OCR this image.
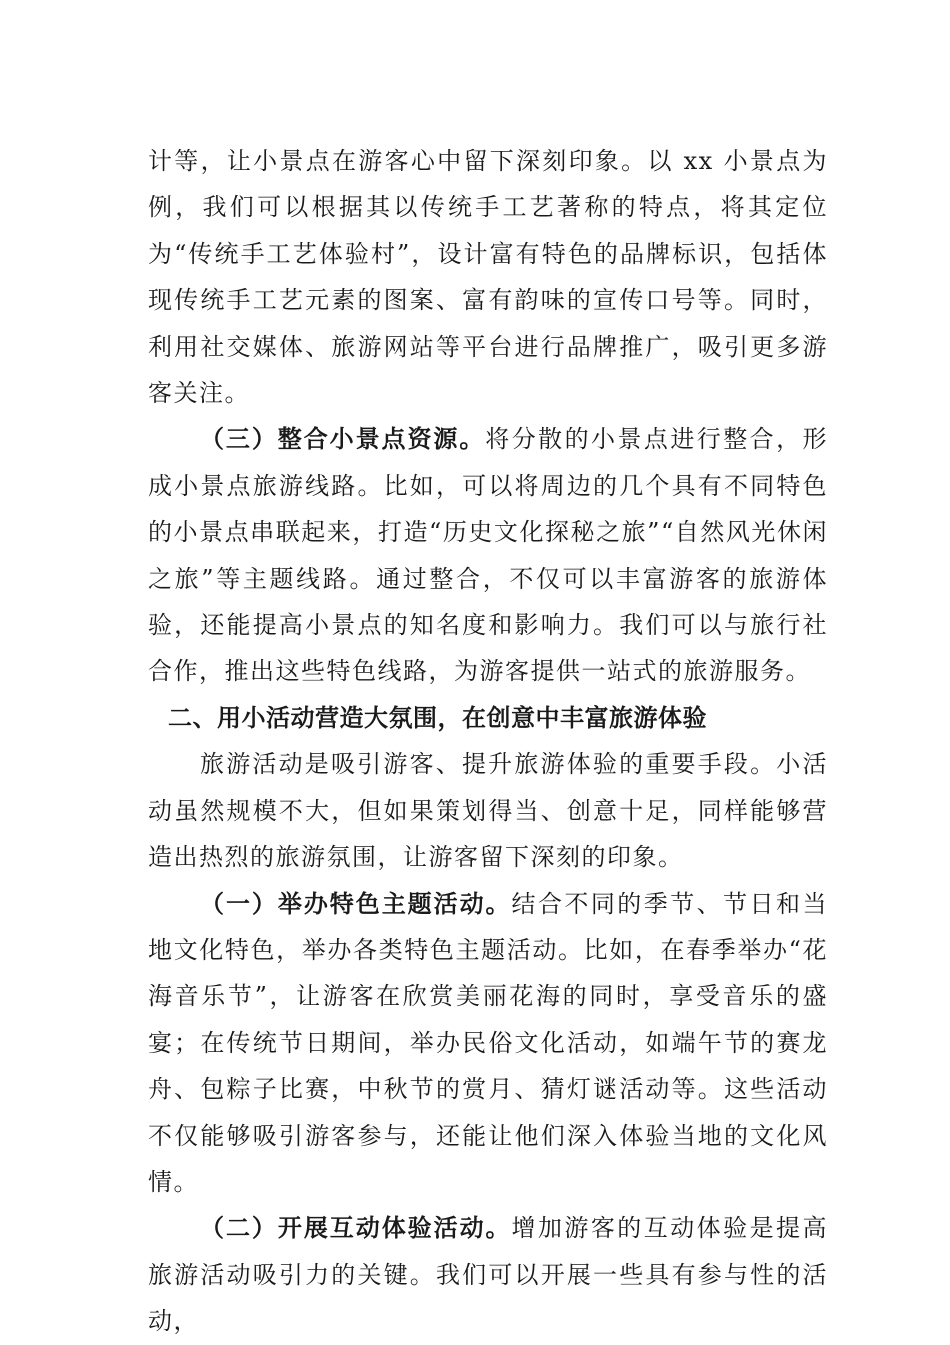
计等，让小景点在游客心中留下深刻印象。以 xx 小景点为例，我们可以根据其以传统手工艺著称的特点，将其定位为“传统手工艺体验村”，设计富有特色的品牌标识，包括体现传统手工艺元素的图案、富有韵味的宣传口号等。同时，利用社交媒体、旅游网站等平台进行品牌推广，吸引更多游客关注。

（三）整合小景点资源。将分散的小景点进行整合，形成小景点旅游线路。比如，可以将周边的几个具有不同特色的小景点串联起来，打造“历史文化探秘之旅”“自然风光休闲之旅”等主题线路。通过整合，不仅可以丰富游客的旅游体验，还能提高小景点的知名度和影响力。我们可以与旅行社合作，推出这些特色线路，为游客提供一站式的旅游服务。

二、用小活动营造大氛围，在创意中丰富旅游体验

旅游活动是吸引游客、提升旅游体验的重要手段。小活动虽然规模不大，但如果策划得当、创意十足，同样能够营造出热烈的旅游氛围，让游客留下深刻的印象。

（一）举办特色主题活动。结合不同的季节、节日和当地文化特色，举办各类特色主题活动。比如，在春季举办“花海音乐节”，让游客在欣赏美丽花海的同时，享受音乐的盛宴；在传统节日期间，举办民俗文化活动，如端午节的赛龙舟、包粽子比赛，中秋节的赏月、猜灯谜活动等。这些活动不仅能够吸引游客参与，还能让他们深入体验当地的文化风情。

（二）开展互动体验活动。增加游客的互动体验是提高旅游活动吸引力的关键。我们可以开展一些具有参与性的活动，
